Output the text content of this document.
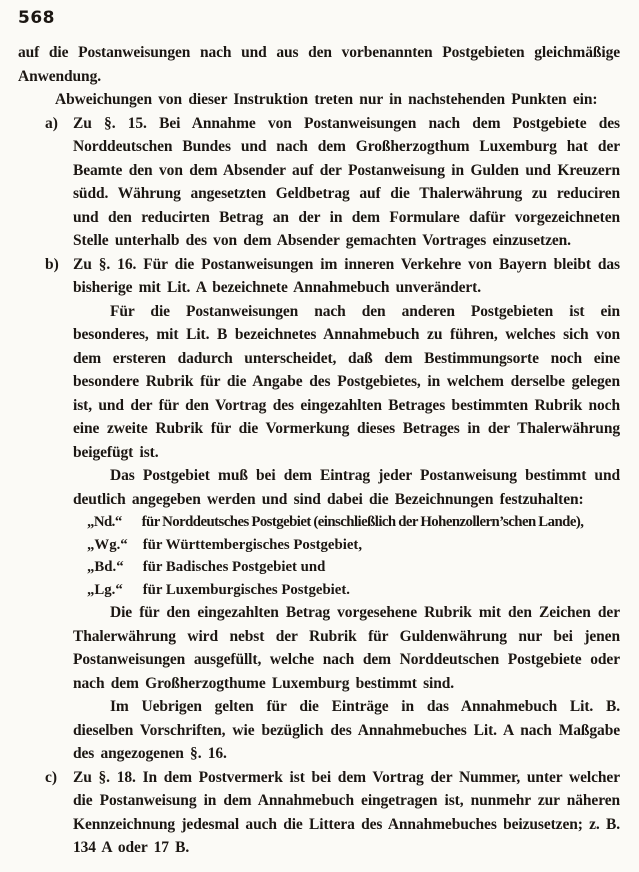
568

auf die Postanweisungen nach und aus den vorbenannten Postgebieten gleichmäßige Anwendung.

Abweichungen von dieser Instruktion treten nur in nachstehenden Punkten ein:

a) Zu §. 15. Bei Annahme von Postanweisungen nach dem Postgebiete des Norddeutschen Bundes und nach dem Großherzogthum Luxemburg hat der Beamte den von dem Absender auf der Postanweisung in Gulden und Kreuzern südd. Währung angesetzten Geldbetrag auf die Thalerwährung zu reduciren und den reducirten Betrag an der in dem Formulare dafür vorgezeichneten Stelle unterhalb des von dem Absender gemachten Vortrages einzusetzen.

b) Zu §. 16. Für die Postanweisungen im inneren Verkehre von Bayern bleibt das bisherige mit Lit. A bezeichnete Annahmebuch unverändert.

Für die Postanweisungen nach den anderen Postgebieten ist ein besonderes, mit Lit. B bezeichnetes Annahmebuch zu führen, welches sich von dem ersteren dadurch unterscheidet, daß dem Bestimmungsorte noch eine besondere Rubrik für die Angabe des Postgebietes, in welchem derselbe gelegen ist, und der für den Vortrag des eingezahlten Betrages bestimmten Rubrik noch eine zweite Rubrik für die Vormerkung dieses Betrages in der Thalerwährung beigefügt ist.

Das Postgebiet muß bei dem Eintrag jeder Postanweisung bestimmt und deutlich angegeben werden und sind dabei die Bezeichnungen festzuhalten:

„Nd.“ für Norddeutsches Postgebiet (einschließlich der Hohenzollern’schen Lande),
„Wg.“ für Württembergisches Postgebiet,
„Bd.“ für Badisches Postgebiet und
„Lg.“ für Luxemburgisches Postgebiet.

Die für den eingezahlten Betrag vorgesehene Rubrik mit den Zeichen der Thalerwährung wird nebst der Rubrik für Guldenwährung nur bei jenen Postanweisungen ausgefüllt, welche nach dem Norddeutschen Postgebiete oder nach dem Großherzogthume Luxemburg bestimmt sind.

Im Uebrigen gelten für die Einträge in das Annahmebuch Lit. B. dieselben Vorschriften, wie bezüglich des Annahmebuches Lit. A nach Maßgabe des angezogenen §. 16.

c) Zu §. 18. In dem Postvermerk ist bei dem Vortrag der Nummer, unter welcher die Postanweisung in dem Annahmebuch eingetragen ist, nunmehr zur näheren Kennzeichnung jedesmal auch die Littera des Annahmebuches beizusetzen; z. B. 134 A oder 17 B.
